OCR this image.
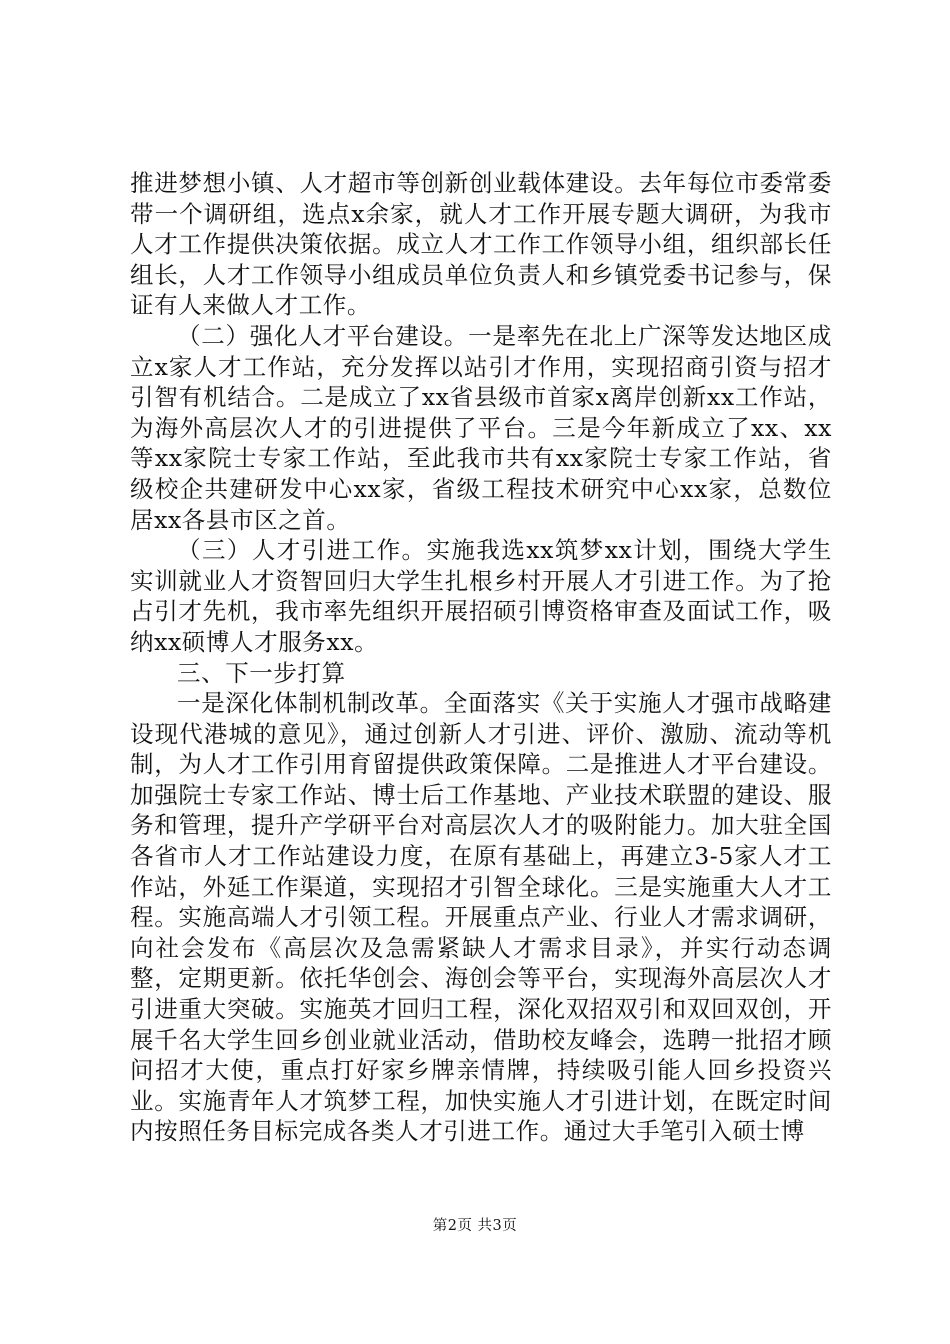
推进梦想小镇、人才超市等创新创业载体建设。去年每位市委常委带一个调研组，选点x余家，就人才工作开展专题大调研，为我市人才工作提供决策依据。成立人才工作工作领导小组，组织部长任组长，人才工作领导小组成员单位负责人和乡镇党委书记参与，保证有人来做人才工作。

（二）强化人才平台建设。一是率先在北上广深等发达地区成立x家人才工作站，充分发挥以站引才作用，实现招商引资与招才引智有机结合。二是成立了xx省县级市首家x离岸创新xx工作站，为海外高层次人才的引进提供了平台。三是今年新成立了xx、xx等xx家院士专家工作站，至此我市共有xx家院士专家工作站，省级校企共建研发中心xx家，省级工程技术研究中心xx家，总数位居xx各县市区之首。

（三）人才引进工作。实施我选xx筑梦xx计划，围绕大学生实训就业人才资智回归大学生扎根乡村开展人才引进工作。为了抢占引才先机，我市率先组织开展招硕引博资格审查及面试工作，吸纳xx硕博人才服务xx。

三、下一步打算

一是深化体制机制改革。全面落实《关于实施人才强市战略建设现代港城的意见》，通过创新人才引进、评价、激励、流动等机制，为人才工作引用育留提供政策保障。二是推进人才平台建设。加强院士专家工作站、博士后工作基地、产业技术联盟的建设、服务和管理，提升产学研平台对高层次人才的吸附能力。加大驻全国各省市人才工作站建设力度，在原有基础上，再建立3-5家人才工作站，外延工作渠道，实现招才引智全球化。三是实施重大人才工程。实施高端人才引领工程。开展重点产业、行业人才需求调研，向社会发布《高层次及急需紧缺人才需求目录》，并实行动态调整，定期更新。依托华创会、海创会等平台，实现海外高层次人才引进重大突破。实施英才回归工程，深化双招双引和双回双创，开展千名大学生回乡创业就业活动，借助校友峰会，选聘一批招才顾问招才大使，重点打好家乡牌亲情牌，持续吸引能人回乡投资兴业。实施青年人才筑梦工程，加快实施人才引进计划，在既定时间内按照任务目标完成各类人才引进工作。通过大手笔引入硕士博

第2页 共3页
